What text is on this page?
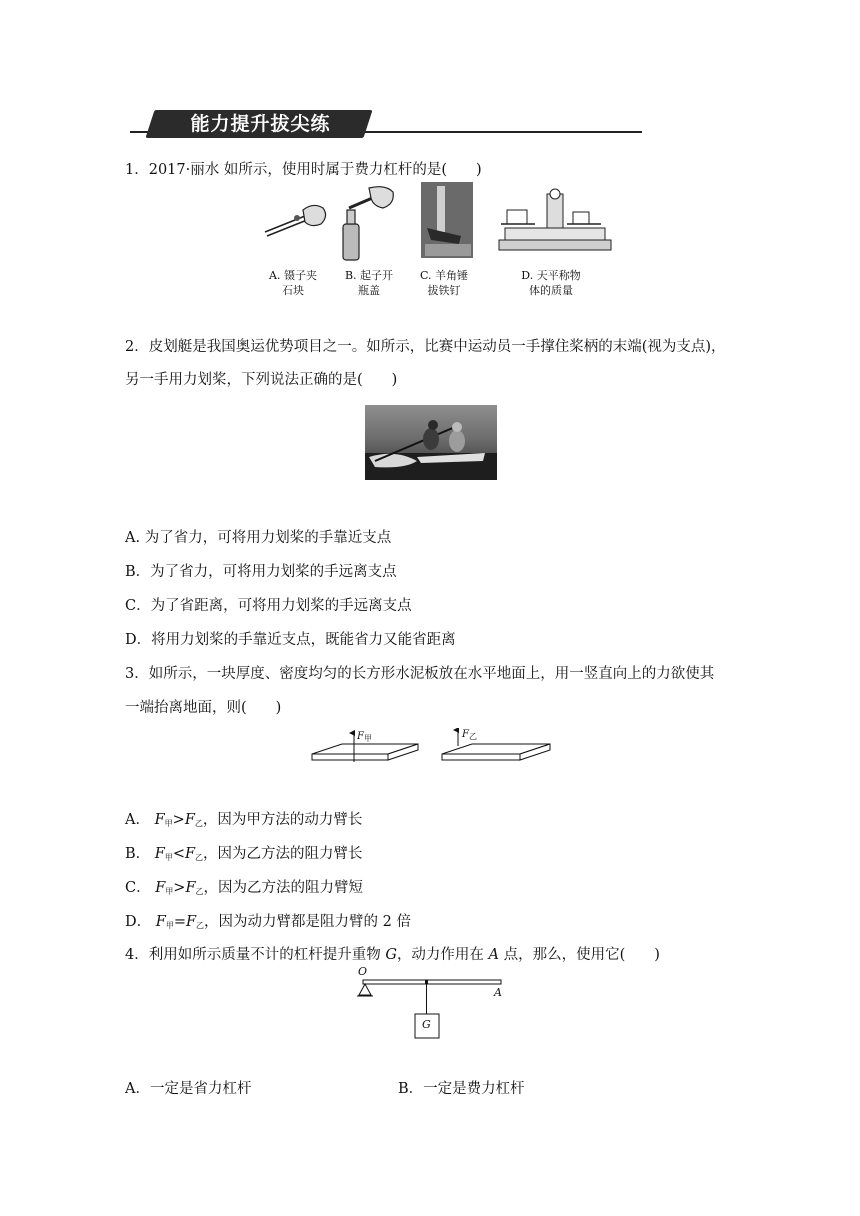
能力提升拔尖练
1．2017·丽水 如所示，使用时属于费力杠杆的是(　　)
A. 镊子夹
石块
B. 起子开
瓶盖
C. 羊角锤
拔铁钉
D. 天平称物
体的质量
2．皮划艇是我国奥运优势项目之一。如所示，比赛中运动员一手撑住桨柄的末端(视为支点)，
另一手用力划桨，下列说法正确的是(　　)
A. 为了省力，可将用力划桨的手靠近支点
B．为了省力，可将用力划桨的手远离支点
C．为了省距离，可将用力划桨的手远离支点
D．将用力划桨的手靠近支点，既能省力又能省距离
3．如所示，一块厚度、密度均匀的长方形水泥板放在水平地面上，用一竖直向上的力欲使其
一端抬离地面，则(　　)
$F_甲$	$F_乙$
A． $F_甲>F_乙$，因为甲方法的动力臂长
B． $F_甲<F_乙$，因为乙方法的阻力臂长
C． $F_甲>F_乙$，因为乙方法的阻力臂短
D． $F_甲=F_乙$，因为动力臂都是阻力臂的 2 倍
4．利用如所示质量不计的杠杆提升重物 G，动力作用在 A 点，那么，使用它(　　)
O
A
G
A．一定是省力杠杆	B．一定是费力杠杆
